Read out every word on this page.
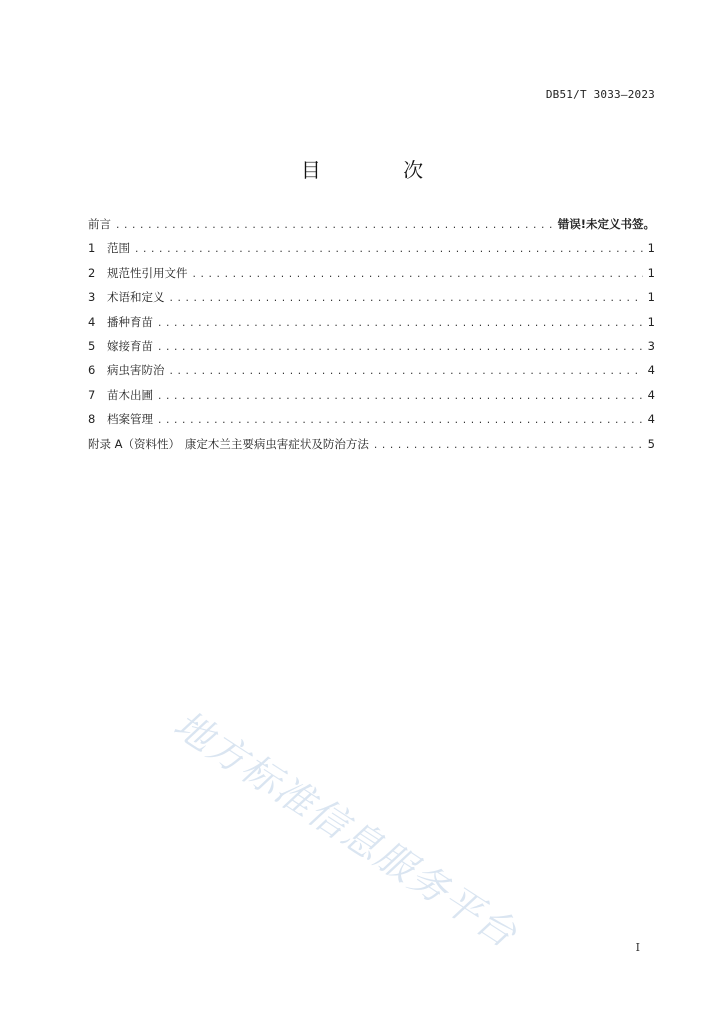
DB51/T 3033—2023
目 次
前言 .....	错误!未定义书签。
1	范围 .....	1
2	规范性引用文件 .....	1
3	术语和定义 .....	1
4	播种育苗 .....	1
5	嫁接育苗 .....	3
6	病虫害防治 .....	4
7	苗木出圃 .....	4
8	档案管理 .....	4
附录 A（资料性） 康定木兰主要病虫害症状及防治方法 .....	5
地方标准信息服务平台	I
